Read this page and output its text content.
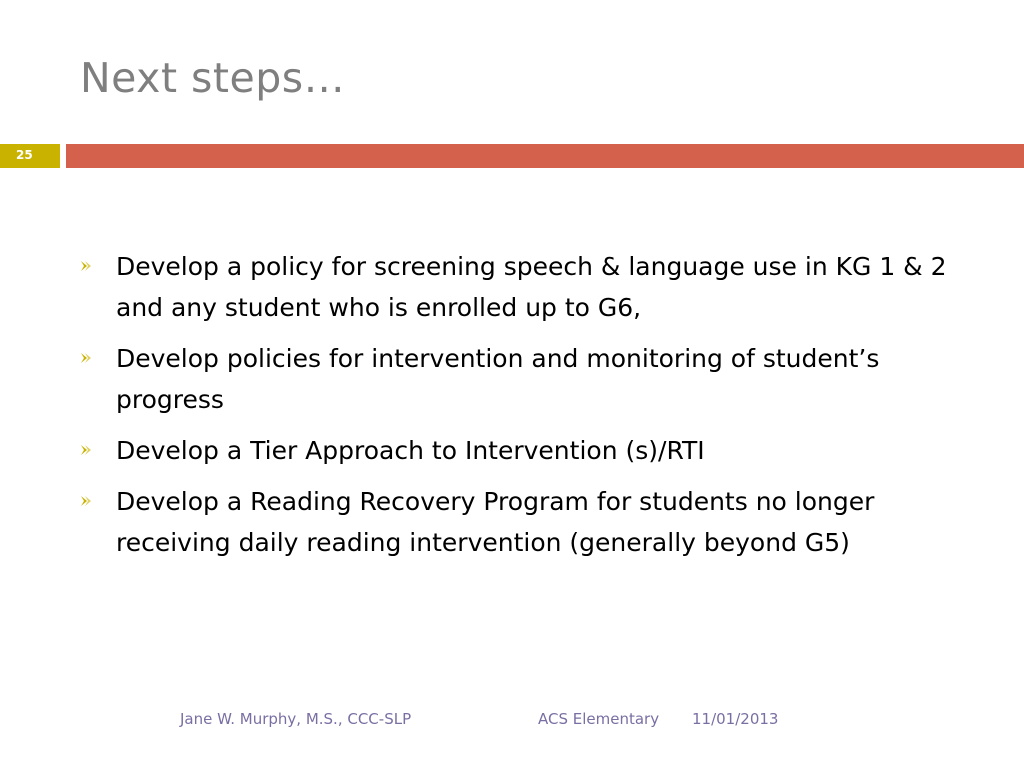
Next steps…
25
Develop a policy for screening speech & language use in KG 1 & 2 and any student who is enrolled up to G6,
Develop policies for intervention and monitoring of student’s progress
Develop a Tier Approach to Intervention (s)/RTI
Develop a Reading Recovery Program for students no longer receiving daily reading intervention (generally beyond G5)
Jane W. Murphy, M.S., CCC-SLP	ACS Elementary 11/01/2013
